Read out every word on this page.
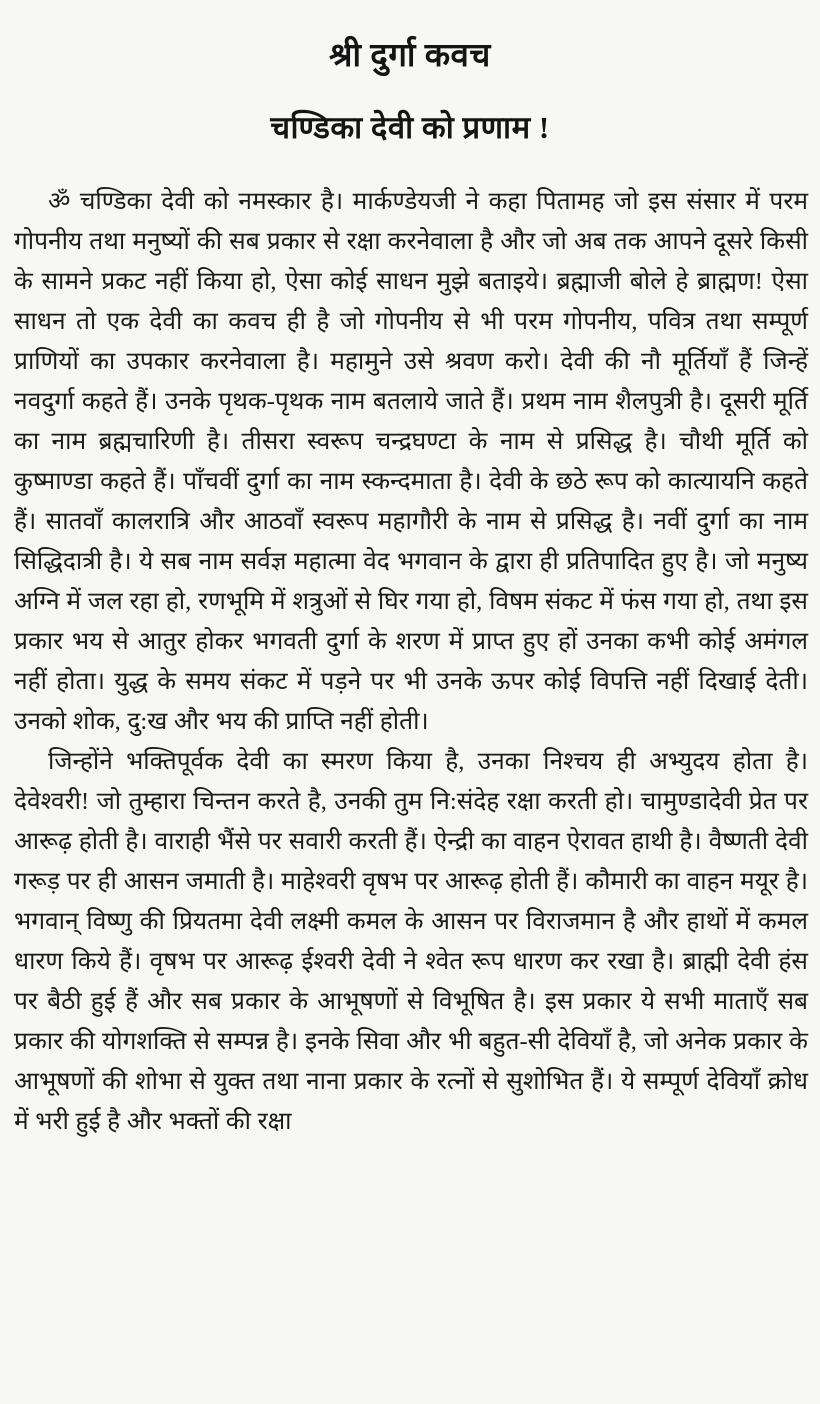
श्री दुर्गा कवच
चण्डिका देवी को प्रणाम !

ॐ चण्डिका देवी को नमस्कार है। मार्कण्डेयजी ने कहा पितामह जो इस संसार में परम गोपनीय तथा मनुष्यों की सब प्रकार से रक्षा करनेवाला है और जो अब तक आपने दूसरे किसी के सामने प्रकट नहीं किया हो, ऐसा कोई साधन मुझे बताइये। ब्रह्माजी बोले हे ब्राह्मण! ऐसा साधन तो एक देवी का कवच ही है जो गोपनीय से भी परम गोपनीय, पवित्र तथा सम्पूर्ण प्राणियों का उपकार करनेवाला है। महामुने उसे श्रवण करो। देवी की नौ मूर्तियाँ हैं जिन्हें नवदुर्गा कहते हैं। उनके पृथक-पृथक नाम बतलाये जाते हैं। प्रथम नाम शैलपुत्री है। दूसरी मूर्ति का नाम ब्रह्मचारिणी है। तीसरा स्वरूप चन्द्रघण्टा के नाम से प्रसिद्ध है। चौथी मूर्ति को कुष्माण्डा कहते हैं। पाँचवीं दुर्गा का नाम स्कन्दमाता है। देवी के छठे रूप को कात्यायनि कहते हैं। सातवाँ कालरात्रि और आठवाँ स्वरूप महागौरी के नाम से प्रसिद्ध है। नवीं दुर्गा का नाम सिद्धिदात्री है। ये सब नाम सर्वज्ञ महात्मा वेद भगवान के द्वारा ही प्रतिपादित हुए है। जो मनुष्य अग्नि में जल रहा हो, रणभूमि में शत्रुओं से घिर गया हो, विषम संकट में फंस गया हो, तथा इस प्रकार भय से आतुर होकर भगवती दुर्गा के शरण में प्राप्त हुए हों उनका कभी कोई अमंगल नहीं होता। युद्ध के समय संकट में पड़ने पर भी उनके ऊपर कोई विपत्ति नहीं दिखाई देती। उनको शोक, दु:ख और भय की प्राप्ति नहीं होती।

जिन्होंने भक्तिपूर्वक देवी का स्मरण किया है, उनका निश्चय ही अभ्युदय होता है। देवेश्वरी! जो तुम्हारा चिन्तन करते है, उनकी तुम नि:संदेह रक्षा करती हो। चामुण्डादेवी प्रेत पर आरूढ़ होती है। वाराही भैंसे पर सवारी करती हैं। ऐन्द्री का वाहन ऐरावत हाथी है। वैष्णती देवी गरूड़ पर ही आसन जमाती है। माहेश्वरी वृषभ पर आरूढ़ होती हैं। कौमारी का वाहन मयूर है। भगवान् विष्णु की प्रियतमा देवी लक्ष्मी कमल के आसन पर विराजमान है और हाथों में कमल धारण किये हैं। वृषभ पर आरूढ़ ईश्वरी देवी ने श्वेत रूप धारण कर रखा है। ब्राह्मी देवी हंस पर बैठी हुई हैं और सब प्रकार के आभूषणों से विभूषित है। इस प्रकार ये सभी माताएँ सब प्रकार की योगशक्ति से सम्पन्न है। इनके सिवा और भी बहुत-सी देवियाँ है, जो अनेक प्रकार के आभूषणों की शोभा से युक्त तथा नाना प्रकार के रत्नों से सुशोभित हैं। ये सम्पूर्ण देवियाँ क्रोध में भरी हुई है और भक्तों की रक्षा
